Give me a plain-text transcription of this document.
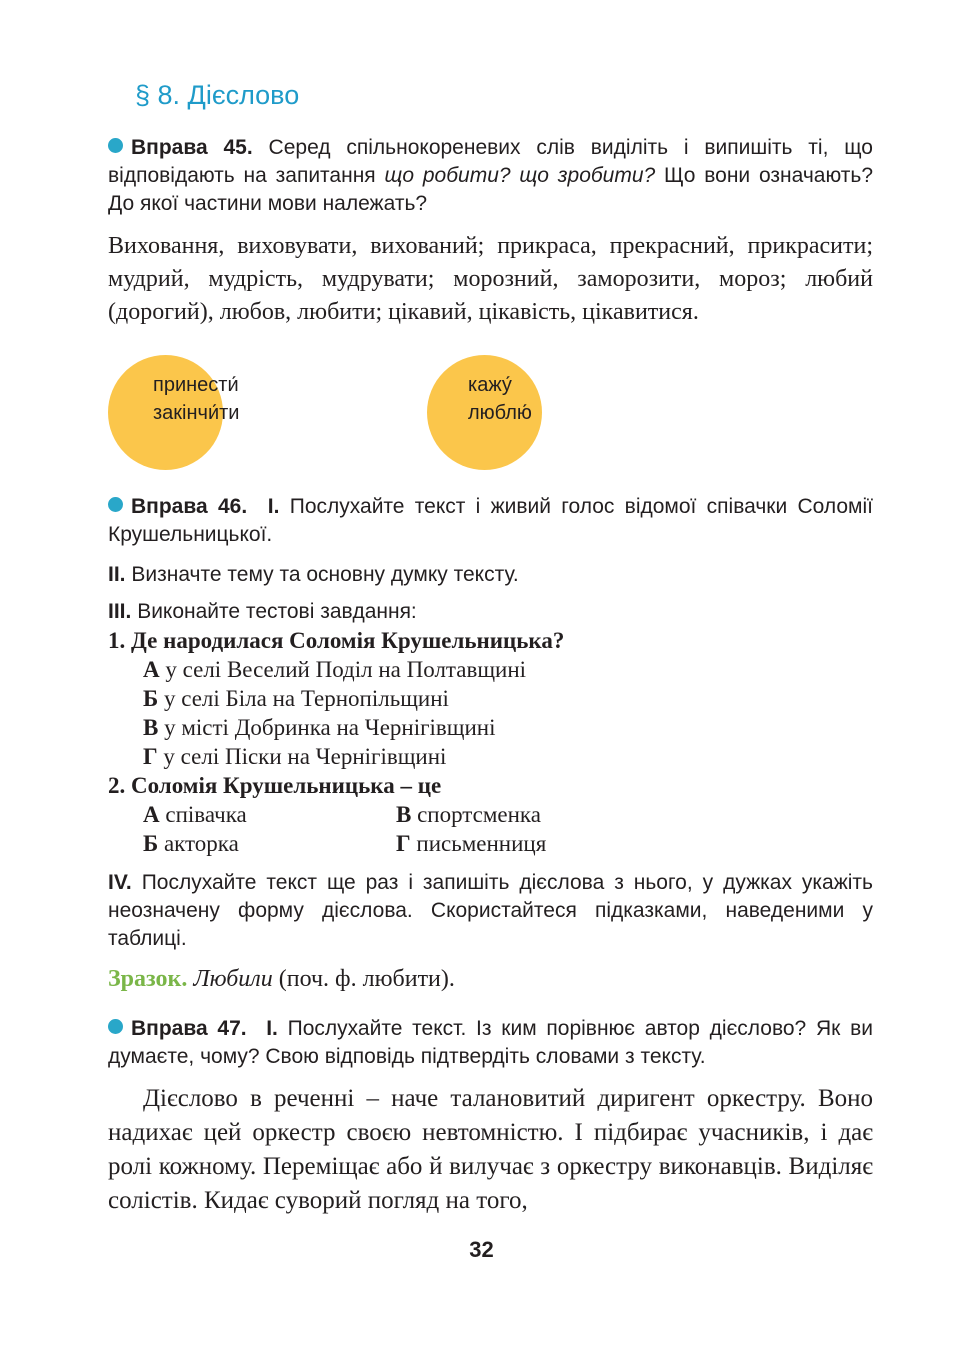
§ 8. Дієслово
Вправа 45. Серед спільнокореневих слів виділіть і випишіть ті, що відповідають на запитання що робити? що зробити? Що вони означають? До якої частини мови належать?
Виховання, виховувати, вихований; прикраса, прекрасний, прикрасити; мудрий, мудрість, мудрувати; морозний, заморозити, мороз; любий (дорогий), любов, любити; цікавий, цікавість, цікавитися.
принести́
закінчи́ти
кажу́
люблю́
Вправа 46. I. Послухайте текст і живий голос відомої співачки Соломії Крушельницької.
II. Визначте тему та основну думку тексту.
III. Виконайте тестові завдання:
1. Де народилася Соломія Крушельницька?
А у селі Веселий Поділ на Полтавщині
Б у селі Біла на Тернопільщині
В у місті Добринка на Чернігівщині
Г у селі Піски на Чернігівщині
2. Соломія Крушельницька – це
А співачка	В спортсменка
Б акторка	Г письменниця
IV. Послухайте текст ще раз і запишіть дієслова з нього, у дужках укажіть неозначену форму дієслова. Скористайтеся підказками, наведеними у таблиці.
Зразок. Любили (поч. ф. любити).
Вправа 47. I. Послухайте текст. Із ким порівнює автор дієслово? Як ви думаєте, чому? Свою відповідь підтвердіть словами з тексту.
Дієслово в реченні – наче талановитий диригент оркестру. Воно надихає цей оркестр своєю невтомністю. І підбирає учасників, і дає ролі кожному. Переміщає або й вилучає з оркестру виконавців. Виділяє солістів. Кидає суворий погляд на того,
32
